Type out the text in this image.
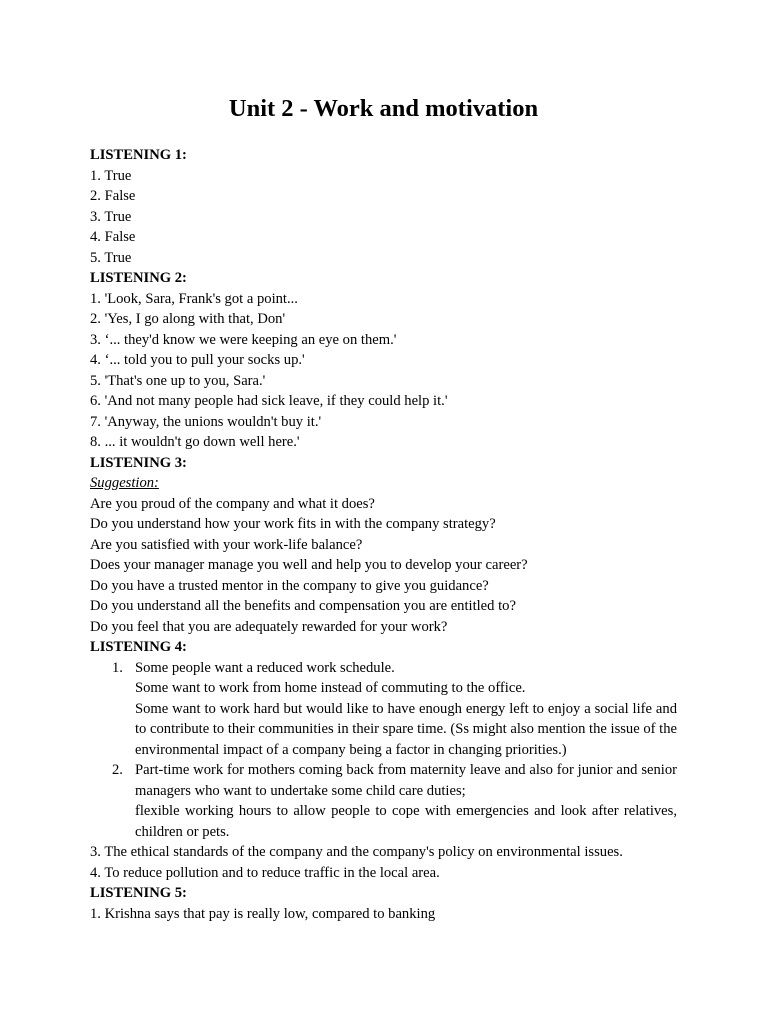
Unit 2 - Work and motivation
LISTENING 1:
1. True
2. False
3. True
4. False
5. True
LISTENING 2:
1. 'Look, Sara, Frank's got a point...
2. 'Yes, I go along with that, Don'
3. ‘... they'd know we were keeping an eye on them.'
4. ‘... told you to pull your socks up.'
5. 'That's one up to you, Sara.'
6. 'And not many people had sick leave, if they could help it.'
7. 'Anyway, the unions wouldn't buy it.'
8. ... it wouldn't go down well here.'
LISTENING 3:
Suggestion:
Are you proud of the company and what it does?
Do you understand how your work fits in with the company strategy?
Are you satisfied with your work-life balance?
Does your manager manage you well and help you to develop your career?
Do you have a trusted mentor in the company to give you guidance?
Do you understand all the benefits and compensation you are entitled to?
Do you feel that you are adequately rewarded for your work?
LISTENING 4:
1. Some people want a reduced work schedule.
Some want to work from home instead of commuting to the office.
Some want to work hard but would like to have enough energy left to enjoy a social life and to contribute to their communities in their spare time. (Ss might also mention the issue of the environmental impact of a company being a factor in changing priorities.)
2. Part-time work for mothers coming back from maternity leave and also for junior and senior managers who want to undertake some child care duties;
flexible working hours to allow people to cope with emergencies and look after relatives, children or pets.
3. The ethical standards of the company and the company's policy on environmental issues.
4. To reduce pollution and to reduce traffic in the local area.
LISTENING 5:
1. Krishna says that pay is really low, compared to banking
